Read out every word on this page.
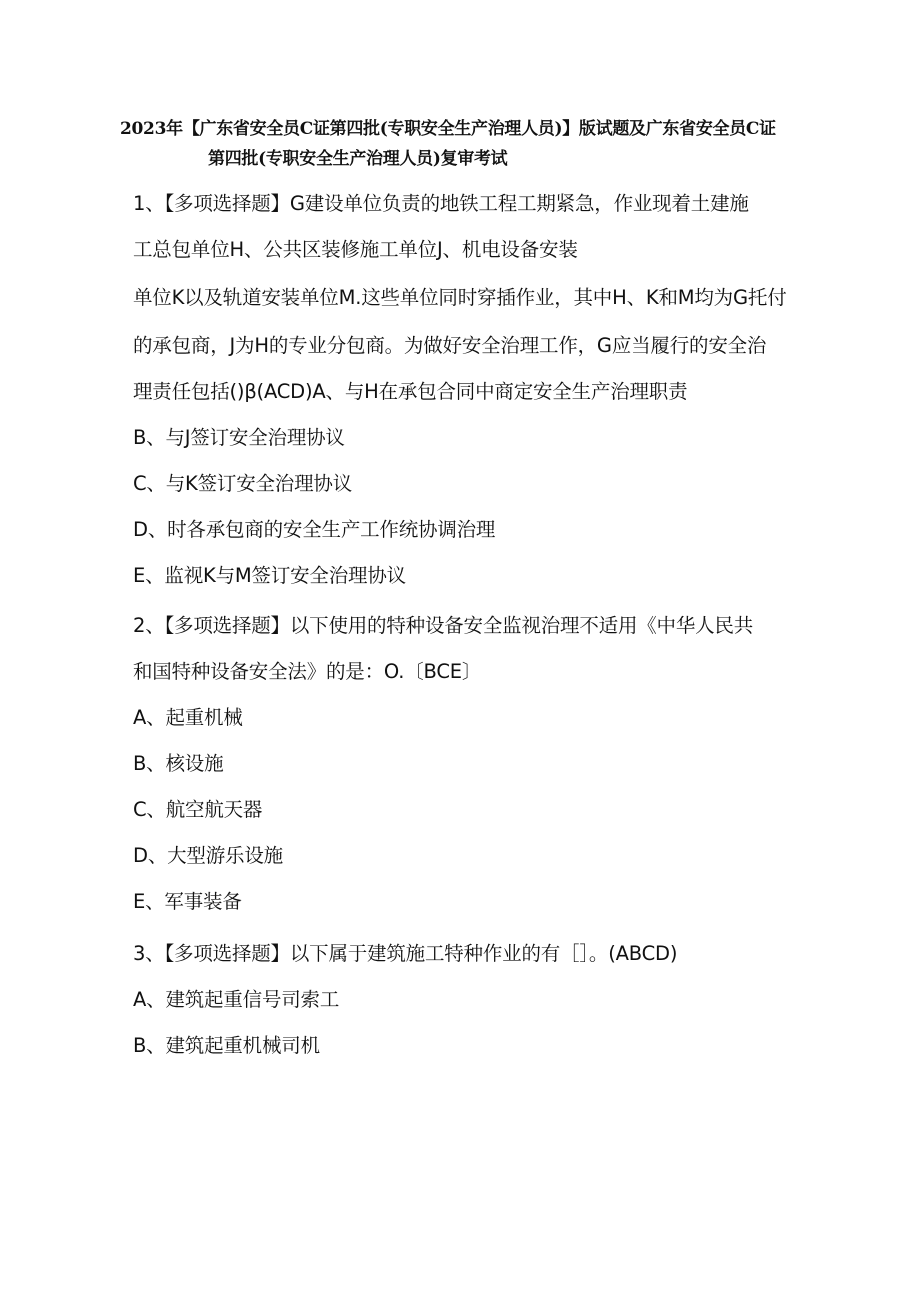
2023年【广东省安全员C证第四批(专职安全生产治理人员)】版试题及广东省安全员C证
第四批(专职安全生产治理人员)复审考试
1、【多项选择题】G建设单位负责的地铁工程工期紧急，作业现着土建施
工总包单位H、公共区装修施工单位J、机电设备安装
单位K以及轨道安装单位M.这些单位同时穿插作业，其中H、K和M均为G托付
的承包商，J为H的专业分包商。为做好安全治理工作，G应当履行的安全治
理责任包括()β(ACD)A、与H在承包合同中商定安全生产治理职责
B、与J签订安全治理协议
C、与K签订安全治理协议
D、时各承包商的安全生产工作统协调治理
E、监视K与M签订安全治理协议
2、【多项选择题】以下使用的特种设备安全监视治理不适用《中华人民共
和国特种设备安全法》的是：O.〔BCE〕
A、起重机械
B、核设施
C、航空航天器
D、大型游乐设施
E、军事装备
3、【多项选择题】以下属于建筑施工特种作业的有［］。(ABCD)
A、建筑起重信号司索工
B、建筑起重机械司机
